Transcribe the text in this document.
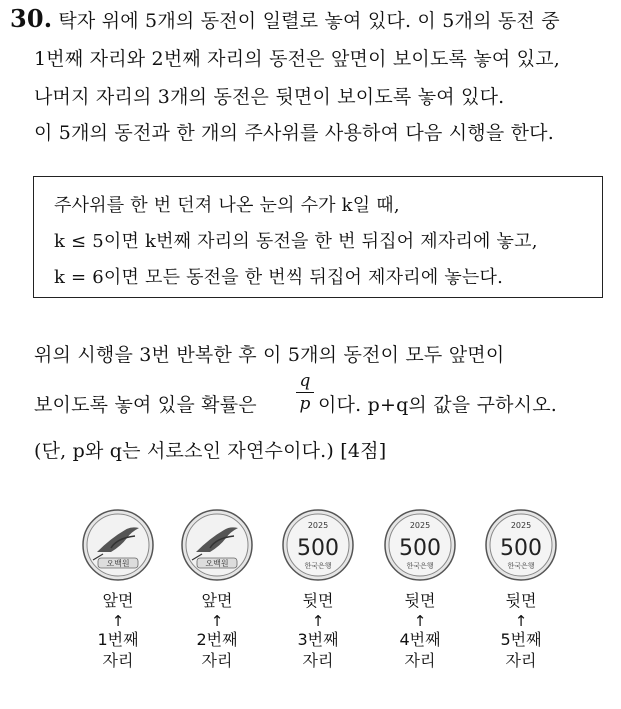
30. 탁자 위에 5개의 동전이 일렬로 놓여 있다. 이 5개의 동전 중
1번째 자리와 2번째 자리의 동전은 앞면이 보이도록 놓여 있고,
나머지 자리의 3개의 동전은 뒷면이 보이도록 놓여 있다.
이 5개의 동전과 한 개의 주사위를 사용하여 다음 시행을 한다.
주사위를 한 번 던져 나온 눈의 수가 k일 때,
k ≤ 5이면 k번째 자리의 동전을 한 번 뒤집어 제자리에 놓고,
k = 6이면 모든 동전을 한 번씩 뒤집어 제자리에 놓는다.
위의 시행을 3번 반복한 후 이 5개의 동전이 모두 앞면이
보이도록 놓여 있을 확률은
q
p 이다. p+q의 값을 구하시오.
(단, p와 q는 서로소인 자연수이다.) [4점]
오백원
앞면
↑
1번째
자리
오백원
앞면
↑
2번째
자리
2025
500
한국은행
뒷면
↑
3번째
자리
2025
500
한국은행
뒷면
↑
4번째
자리
2025
500
한국은행
뒷면
↑
5번째
자리
